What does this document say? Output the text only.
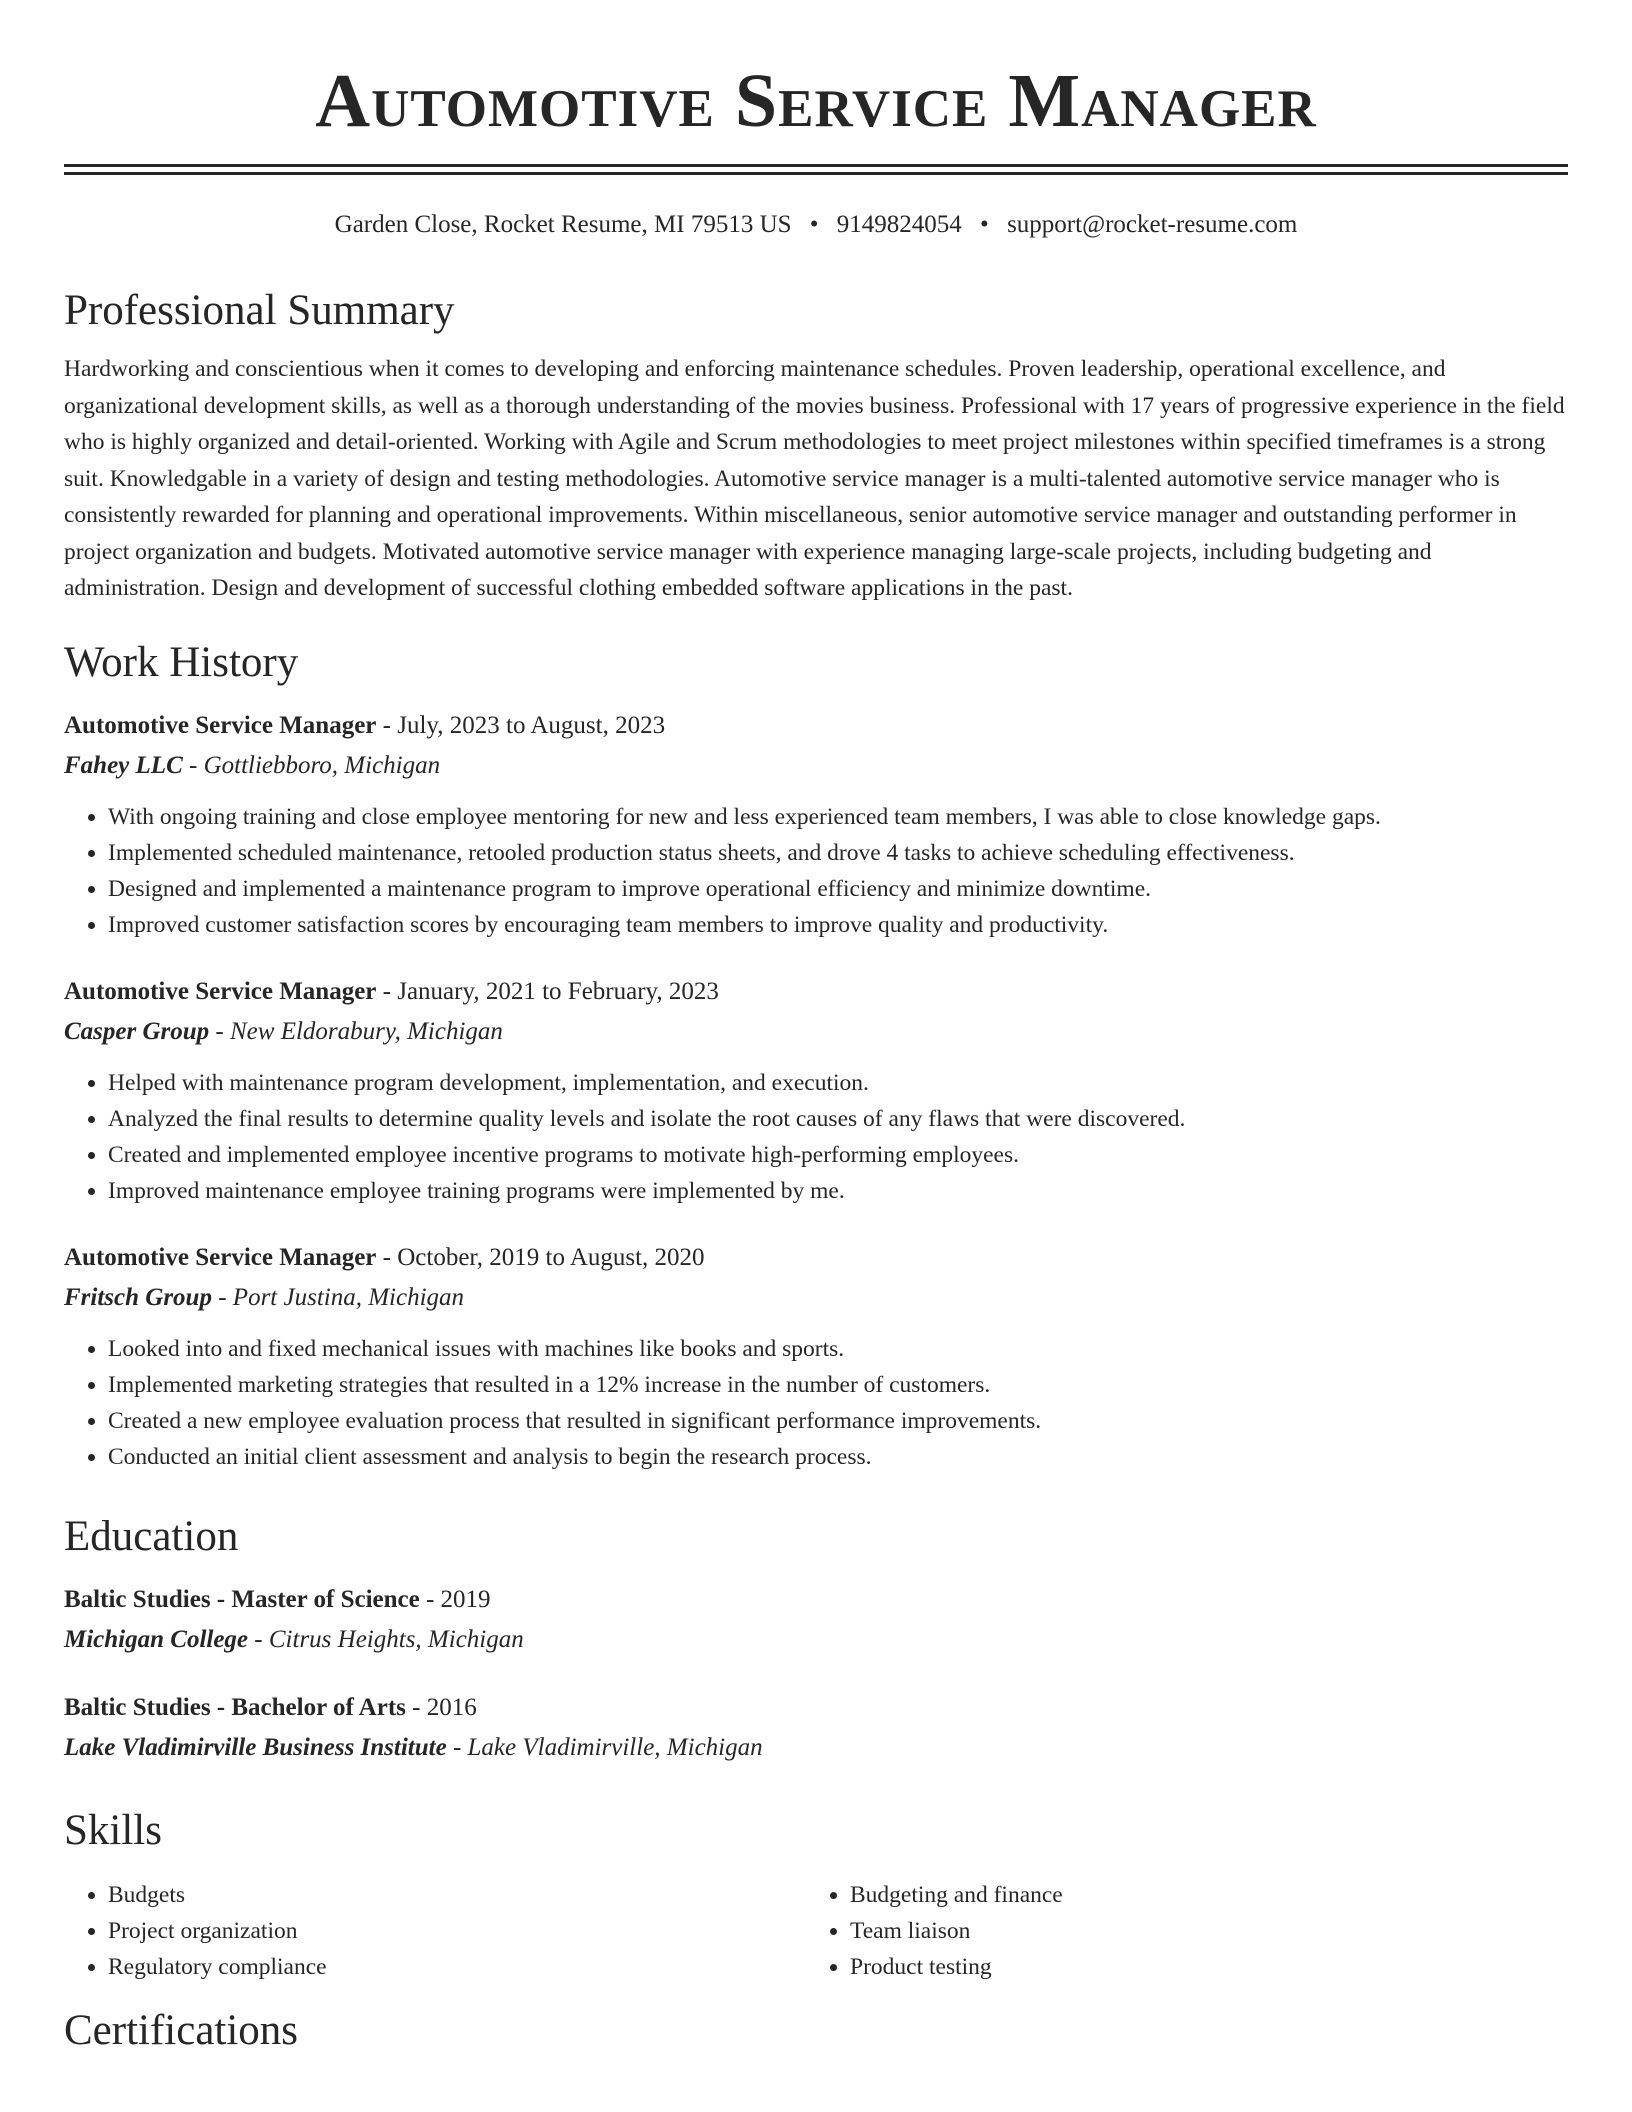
Automotive Service Manager
Garden Close, Rocket Resume, MI 79513 US • 9149824054 • support@rocket-resume.com
Professional Summary

Hardworking and conscientious when it comes to developing and enforcing maintenance schedules. Proven leadership, operational excellence, and organizational development skills, as well as a thorough understanding of the movies business. Professional with 17 years of progressive experience in the field who is highly organized and detail-oriented. Working with Agile and Scrum methodologies to meet project milestones within specified timeframes is a strong suit. Knowledgable in a variety of design and testing methodologies. Automotive service manager is a multi-talented automotive service manager who is consistently rewarded for planning and operational improvements. Within miscellaneous, senior automotive service manager and outstanding performer in project organization and budgets. Motivated automotive service manager with experience managing large-scale projects, including budgeting and administration. Design and development of successful clothing embedded software applications in the past.

Work History
Automotive Service Manager - July, 2023 to August, 2023
Fahey LLC - Gottliebboro, Michigan
• With ongoing training and close employee mentoring for new and less experienced team members, I was able to close knowledge gaps.
• Implemented scheduled maintenance, retooled production status sheets, and drove 4 tasks to achieve scheduling effectiveness.
• Designed and implemented a maintenance program to improve operational efficiency and minimize downtime.
• Improved customer satisfaction scores by encouraging team members to improve quality and productivity.
Automotive Service Manager - January, 2021 to February, 2023
Casper Group - New Eldorabury, Michigan
• Helped with maintenance program development, implementation, and execution.
• Analyzed the final results to determine quality levels and isolate the root causes of any flaws that were discovered.
• Created and implemented employee incentive programs to motivate high-performing employees.
• Improved maintenance employee training programs were implemented by me.
Automotive Service Manager - October, 2019 to August, 2020
Fritsch Group - Port Justina, Michigan
• Looked into and fixed mechanical issues with machines like books and sports.
• Implemented marketing strategies that resulted in a 12% increase in the number of customers.
• Created a new employee evaluation process that resulted in significant performance improvements.
• Conducted an initial client assessment and analysis to begin the research process.
Education
Baltic Studies - Master of Science - 2019
Michigan College - Citrus Heights, Michigan
Baltic Studies - Bachelor of Arts - 2016
Lake Vladimirville Business Institute - Lake Vladimirville, Michigan
Skills
• Budgets
• Project organization
• Regulatory compliance
• Budgeting and finance
• Team liaison
• Product testing
Certifications
